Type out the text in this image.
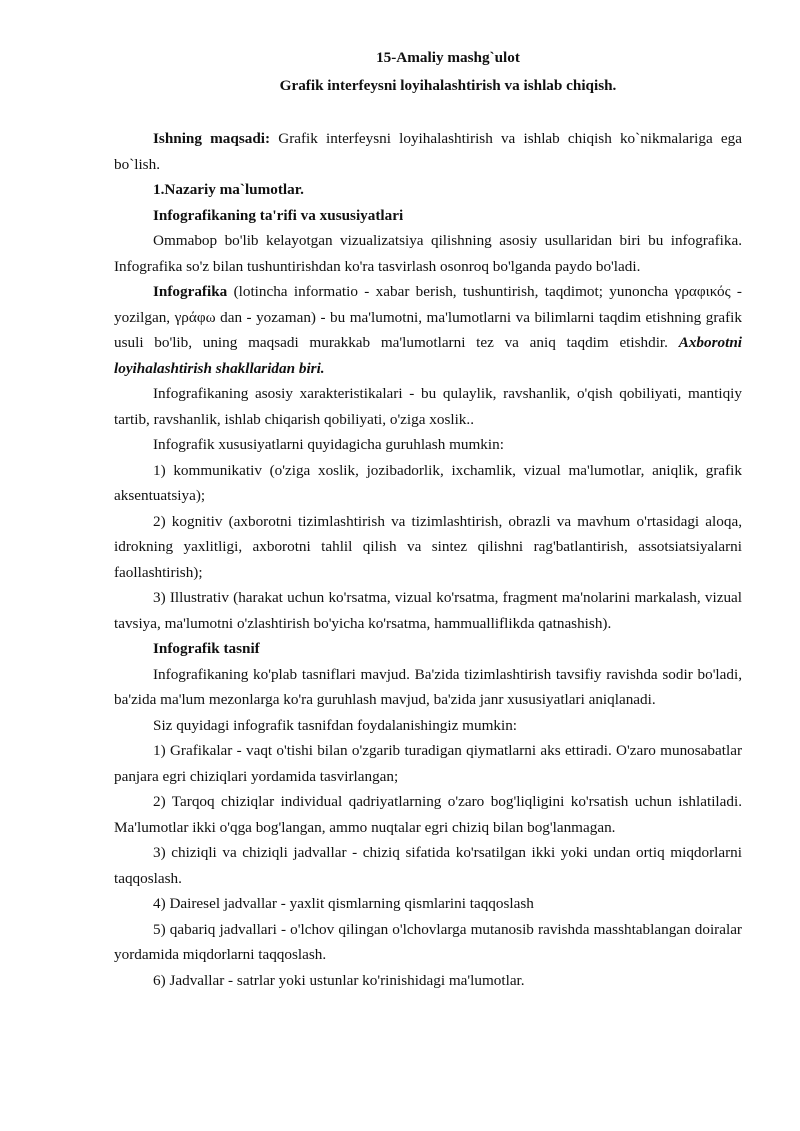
15-Amaliy mashg`ulot
Grafik interfeysni loyihalashtirish va ishlab chiqish.

Ishning maqsadi: Grafik interfeysni loyihalashtirish va ishlab chiqish ko`nikmalariga ega bo`lish.

1.Nazariy ma`lumotlar.

Infografikaning ta'rifi va xususiyatlari

Ommabop bo'lib kelayotgan vizualizatsiya qilishning asosiy usullaridan biri bu infografika. Infografika so'z bilan tushuntirishdan ko'ra tasvirlash osonroq bo'lganda paydo bo'ladi.

Infografika (lotincha informatio - xabar berish, tushuntirish, taqdimot; yunoncha γραφικός - yozilgan, γράφω dan - yozaman) - bu ma'lumotni, ma'lumotlarni va bilimlarni taqdim etishning grafik usuli bo'lib, uning maqsadi murakkab ma'lumotlarni tez va aniq taqdim etishdir. Axborotni loyihalashtirish shakllaridan biri.

Infografikaning asosiy xarakteristikalari - bu qulaylik, ravshanlik, o'qish qobiliyati, mantiqiy tartib, ravshanlik, ishlab chiqarish qobiliyati, o'ziga xoslik..

Infografik xususiyatlarni quyidagicha guruhlash mumkin:

1) kommunikativ (o'ziga xoslik, jozibadorlik, ixchamlik, vizual ma'lumotlar, aniqlik, grafik aksentuatsiya);

2) kognitiv (axborotni tizimlashtirish va tizimlashtirish, obrazli va mavhum o'rtasidagi aloqa, idrokning yaxlitligi, axborotni tahlil qilish va sintez qilishni rag'batlantirish, assotsiatsiyalarni faollashtirish);

3) Illustrativ (harakat uchun ko'rsatma, vizual ko'rsatma, fragment ma'nolarini markalash, vizual tavsiya, ma'lumotni o'zlashtirish bo'yicha ko'rsatma, hammualliflikda qatnashish).

Infografik tasnif

Infografikaning ko'plab tasniflari mavjud. Ba'zida tizimlashtirish tavsifiy ravishda sodir bo'ladi, ba'zida ma'lum mezonlarga ko'ra guruhlash mavjud, ba'zida janr xususiyatlari aniqlanadi.

Siz quyidagi infografik tasnifdan foydalanishingiz mumkin:

1) Grafikalar - vaqt o'tishi bilan o'zgarib turadigan qiymatlarni aks ettiradi. O'zaro munosabatlar panjara egri chiziqlari yordamida tasvirlangan;

2) Tarqoq chiziqlar individual qadriyatlarning o'zaro bog'liqligini ko'rsatish uchun ishlatiladi. Ma'lumotlar ikki o'qga bog'langan, ammo nuqtalar egri chiziq bilan bog'lanmagan.

3) chiziqli va chiziqli jadvallar - chiziq sifatida ko'rsatilgan ikki yoki undan ortiq miqdorlarni taqqoslash.

4) Dairesel jadvallar - yaxlit qismlarning qismlarini taqqoslash

5) qabariq jadvallari - o'lchov qilingan o'lchovlarga mutanosib ravishda masshtablangan doiralar yordamida miqdorlarni taqqoslash.

6) Jadvallar - satrlar yoki ustunlar ko'rinishidagi ma'lumotlar.
